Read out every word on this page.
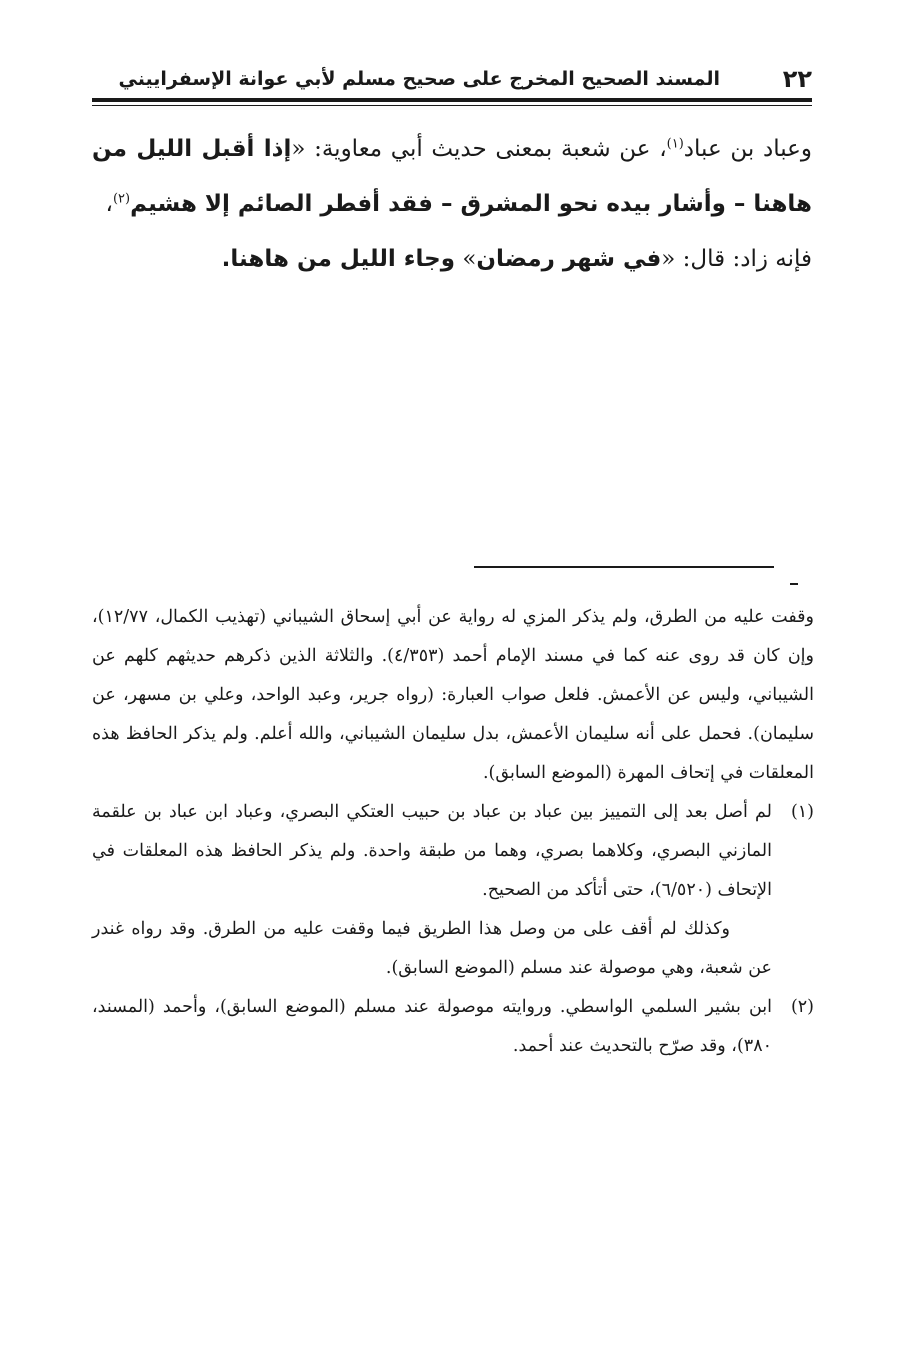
٢٢
المسند الصحيح المخرج على صحيح مسلم لأبي عوانة الإسفراييني
وعباد بن عباد$^{(١)}$، عن شعبة بمعنى حديث أبي معاوية: «إذا أقبل الليل من هاهنا – وأشار بيده نحو المشرق – فقد أفطر الصائم إلا هشيم$^{(٢)}$،
فإنه زاد: قال: «في شهر رمضان» وجاء الليل من هاهنا.

وقفت عليه من الطرق، ولم يذكر المزي له رواية عن أبي إسحاق الشيباني (تهذيب الكمال، ١٢/٧٧)، وإن كان قد روى عنه كما في مسند الإمام أحمد (٤/٣٥٣). والثلاثة الذين ذكرهم حديثهم كلهم عن الشيباني، وليس عن الأعمش. فلعل صواب العبارة: (رواه جرير، وعبد الواحد، وعلي بن مسهر، عن سليمان). فحمل على أنه سليمان الأعمش، بدل سليمان الشيباني، والله أعلم. ولم يذكر الحافظ هذه المعلقات في إتحاف المهرة (الموضع السابق).

(١)
لم أصل بعد إلى التمييز بين عباد بن عباد بن حبيب العتكي البصري، وعباد ابن عباد بن علقمة المازني البصري، وكلاهما بصري، وهما من طبقة واحدة. ولم يذكر الحافظ هذه المعلقات في الإتحاف (٦/٥٢٠)، حتى أتأكد من الصحيح.

وكذلك لم أقف على من وصل هذا الطريق فيما وقفت عليه من الطرق. وقد رواه غندر عن شعبة، وهي موصولة عند مسلم (الموضع السابق).

(٢)
ابن بشير السلمي الواسطي. وروايته موصولة عند مسلم (الموضع السابق)، وأحمد (المسند، ٣٨٠)، وقد صرّح بالتحديث عند أحمد.
